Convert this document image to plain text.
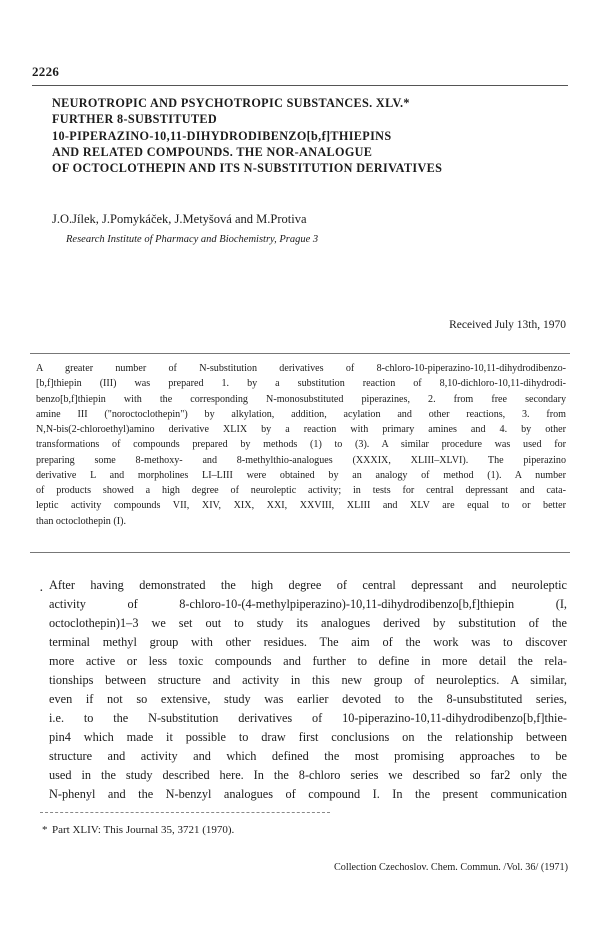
2226
NEUROTROPIC AND PSYCHOTROPIC SUBSTANCES. XLV.*
FURTHER 8-SUBSTITUTED
10-PIPERAZINO-10,11-DIHYDRODIBENZO[b,f]THIEPINS
AND RELATED COMPOUNDS. THE NOR-ANALOGUE
OF OCTOCLOTHEPIN AND ITS N-SUBSTITUTION DERIVATIVES
J.O.Jílek, J.Pomykáček, J.Metyšová and M.Protiva
Research Institute of Pharmacy and Biochemistry, Prague 3
Received July 13th, 1970
A greater number of N-substitution derivatives of 8-chloro-10-piperazino-10,11-dihydrodibenzo-
[b,f]thiepin (III) was prepared 1. by a substitution reaction of 8,10-dichloro-10,11-dihydrodi-
benzo[b,f]thiepin with the corresponding N-monosubstituted piperazines, 2. from free secondary
amine III ("noroctoclothepin") by alkylation, addition, acylation and other reactions, 3. from
N,N-bis(2-chloroethyl)amino derivative XLIX by a reaction with primary amines and 4. by other
transformations of compounds prepared by methods (1) to (3). A similar procedure was used for
preparing some 8-methoxy- and 8-methylthio-analogues (XXXIX, XLIII–XLVI). The piperazino
derivative L and morpholines LI–LIII were obtained by an analogy of method (1). A number
of products showed a high degree of neuroleptic activity; in tests for central depressant and cata-
leptic activity compounds VII, XIV, XIX, XXI, XXVIII, XLIII and XLV are equal to or better
than octoclothepin (I).
· After having demonstrated the high degree of central depressant and neuroleptic
activity of 8-chloro-10-(4-methylpiperazino)-10,11-dihydrodibenzo[b,f]thiepin (I,
octoclothepin)1–3 we set out to study its analogues derived by substitution of the
terminal methyl group with other residues. The aim of the work was to discover
more active or less toxic compounds and further to define in more detail the rela-
tionships between structure and activity in this new group of neuroleptics. A similar,
even if not so extensive, study was earlier devoted to the 8-unsubstituted series,
i.e. to the N-substitution derivatives of 10-piperazino-10,11-dihydrodibenzo[b,f]thie-
pin4 which made it possible to draw first conclusions on the relationship between
structure and activity and which defined the most promising approaches to be
used in the study described here. In the 8-chloro series we described so far2 only the
N-phenyl and the N-benzyl analogues of compound I. In the present communication
* Part XLIV: This Journal 35, 3721 (1970).
Collection Czechoslov. Chem. Commun. /Vol. 36/ (1971)
